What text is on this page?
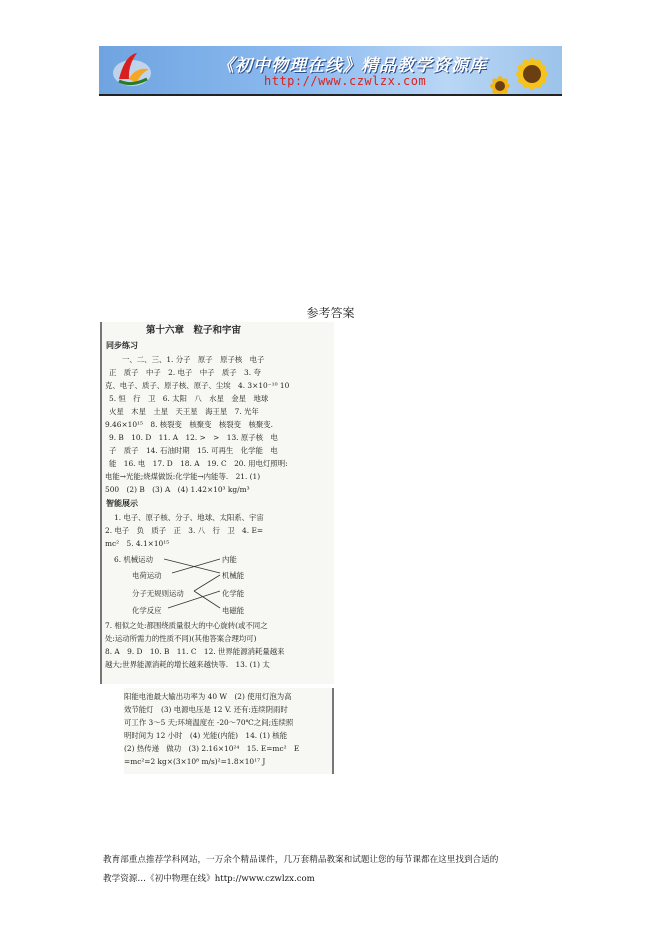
《初中物理在线》精品教学资源库
http://www.czwlzx.com
参考答案
第十六章　粒子和宇宙
同步练习
一、二、三、1. 分子　原子　原子核　电子
正　质子　中子　2. 电子　中子　质子　3. 夸
克、电子、质子、原子核、原子、尘埃　4. 3×10⁻¹⁰ 10
5. 恒　行　卫　6. 太阳　八　水星　金星　地球
火星　木星　土星　天王星　海王星　7. 光年
9.46×10¹⁵　8. 核裂变　核聚变　核裂变　核聚变.
9. B　10. D　11. A　12. >　>　13. 原子核　电
子　质子　14. 石油时期　15. 可再生　化学能　电
能　16. 电　17. D　18. A　19. C　20. 用电灯照明:
电能→光能;烧煤做饭:化学能→内能等.　21. (1)
500　(2) B　(3) A　(4) 1.42×10³ kg/m³
智能展示
1. 电子、原子核、分子、地球、太阳系、宇宙
2. 电子　负　质子　正　3. 八　行　卫　4. E=
mc²　5. 4.1×10¹⁵
6. 机械运动
电荷运动
分子无规则运动
化学反应
内能
机械能
化学能
电磁能
7. 相似之处:都围绕质量很大的中心旋转(或不同之
处:运动所需力的性质不同)(其他答案合理均可)
8. A　9. D　10. B　11. C　12. 世界能源消耗量越来
越大;世界能源消耗的增长越来越快等.　13. (1) 太
阳能电池最大输出功率为 40 W　(2) 使用灯泡为高
效节能灯　(3) 电源电压是 12 V. 还有:连续阴雨时
可工作 3～5 天;环境温度在 -20～70℃之间;连续照
明时间为 12 小时　(4) 光能(内能)　14. (1) 核能
(2) 热传递　做功　(3) 2.16×10²⁴　15. E=mc²　E
=mc²=2 kg×(3×10⁸ m/s)²=1.8×10¹⁷ J
教育部重点推荐学科网站，一万余个精品课件，几万套精品教案和试题让您的每节课都在这里找到合适的
教学资源…《初中物理在线》http://www.czwlzx.com
